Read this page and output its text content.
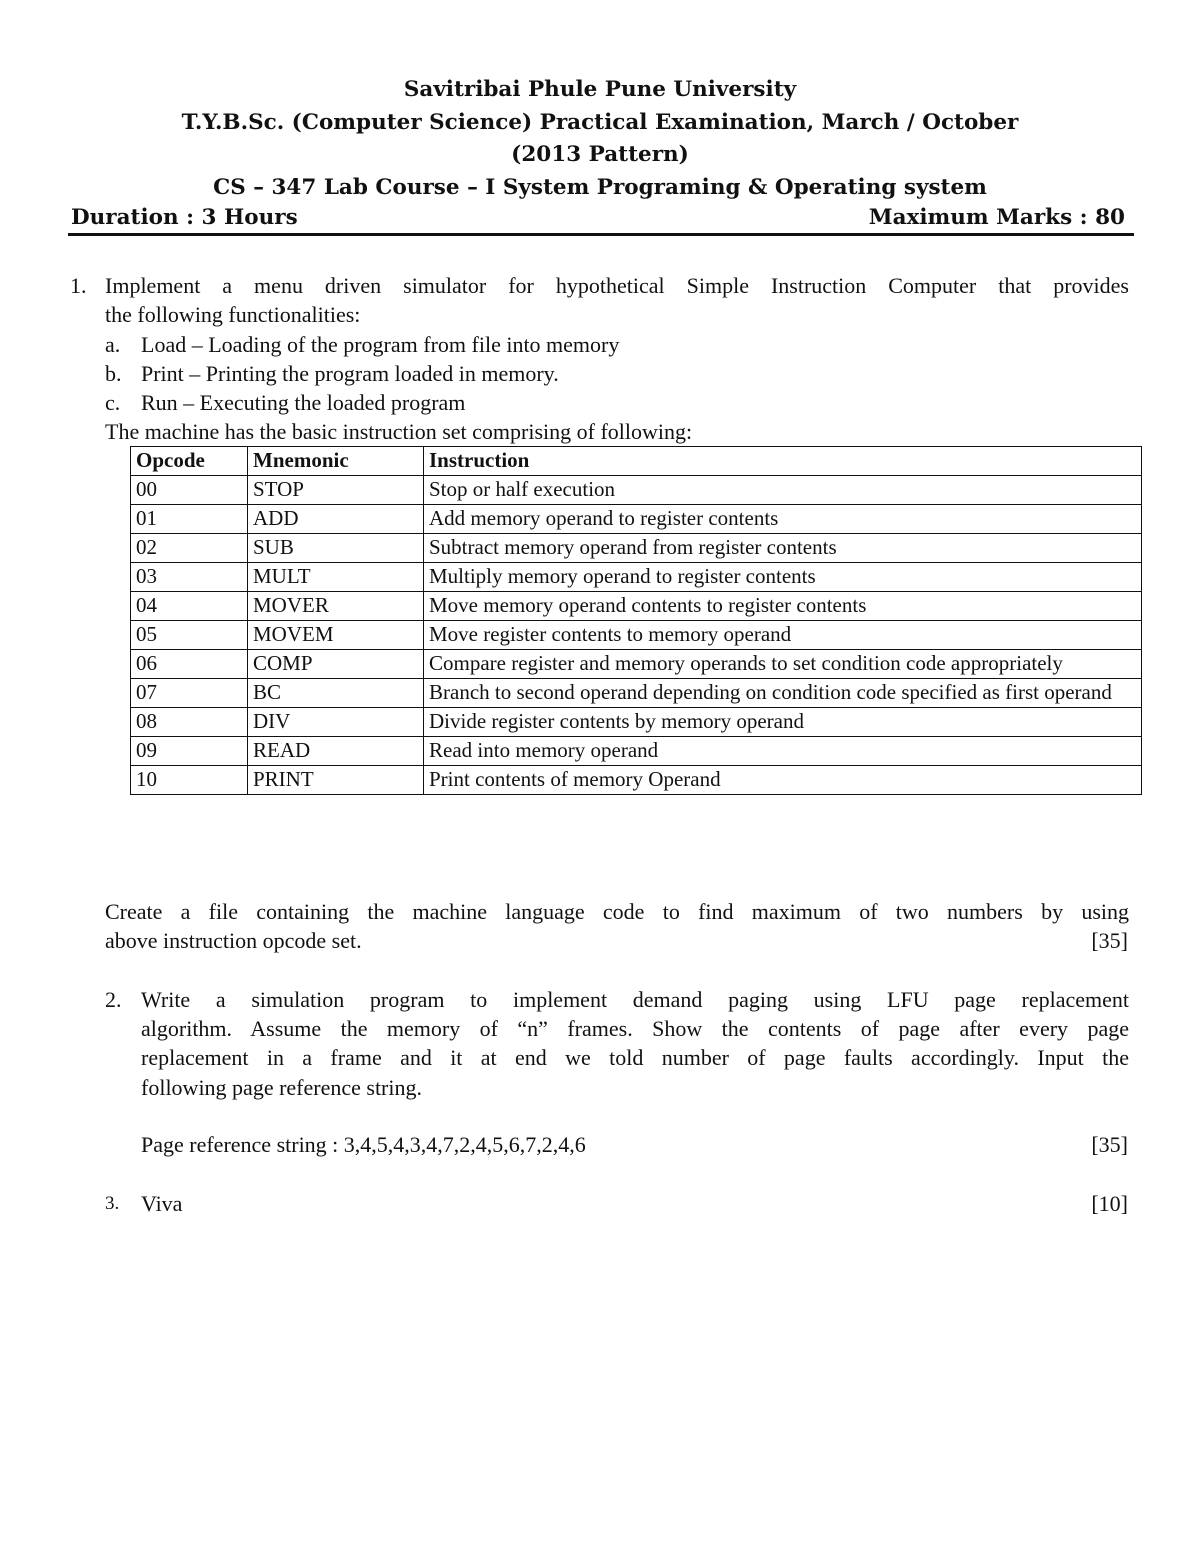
Savitribai Phule Pune University
T.Y.B.Sc. (Computer Science) Practical Examination, March / October
(2013 Pattern)
CS – 347 Lab Course – I System Programing & Operating system
Duration : 3 Hours	Maximum Marks : 80
1. Implement a menu driven simulator for hypothetical Simple Instruction Computer that provides
the following functionalities:
a. Load – Loading of the program from file into memory
b. Print – Printing the program loaded in memory.
c. Run – Executing the loaded program
The machine has the basic instruction set comprising of following:
Opcode	Mnemonic	Instruction
00	STOP	Stop or half execution
01	ADD	Add memory operand to register contents
02	SUB	Subtract memory operand from register contents
03	MULT	Multiply memory operand to register contents
04	MOVER	Move memory operand contents to register contents
05	MOVEM	Move register contents to memory operand
06	COMP	Compare register and memory operands to set condition code appropriately
07	BC	Branch to second operand depending on condition code specified as first operand
08	DIV	Divide register contents by memory operand
09	READ	Read into memory operand
10	PRINT	Print contents of memory Operand
Create a file containing the machine language code to find maximum of two numbers by using
above instruction opcode set.	[35]
2. Write a simulation program to implement demand paging using LFU page replacement
algorithm. Assume the memory of “n” frames. Show the contents of page after every page
replacement in a frame and it at end we told number of page faults accordingly. Input the
following page reference string.
Page reference string : 3,4,5,4,3,4,7,2,4,5,6,7,2,4,6	[35]
3. Viva	[10]
